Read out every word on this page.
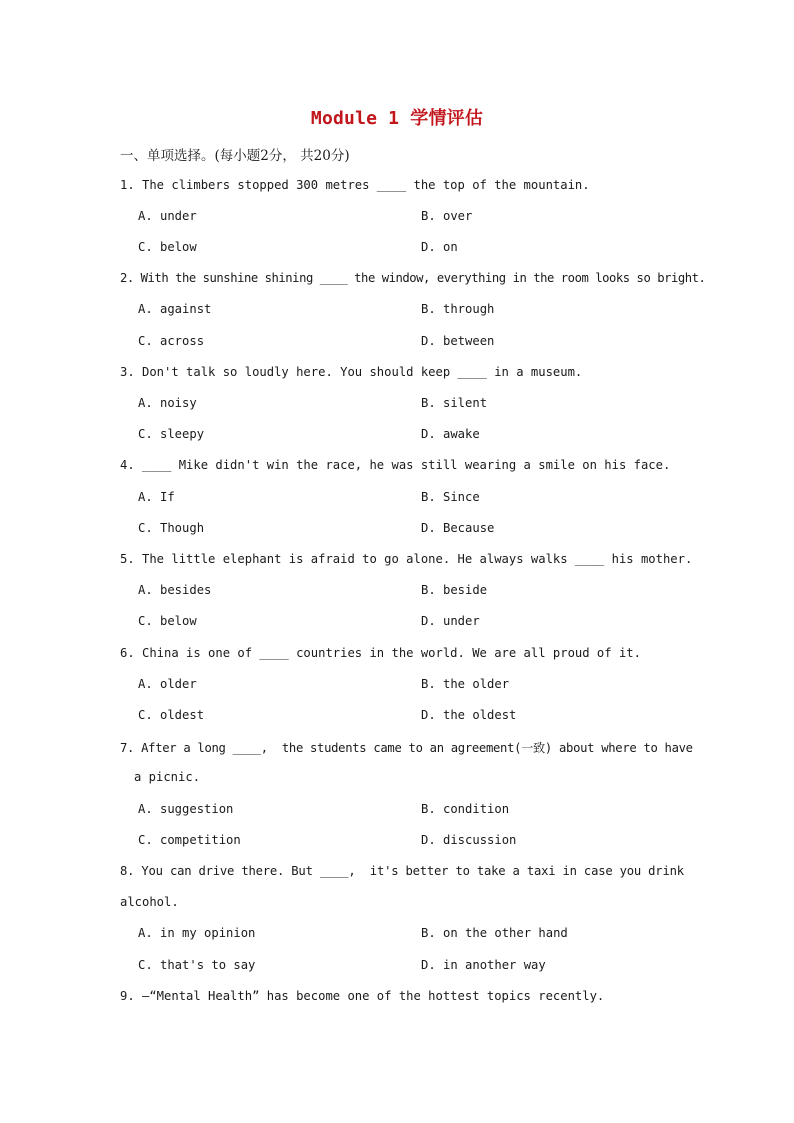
Module 1 学情评估
一、单项选择。(每小题2分， 共20分)
1. The climbers stopped 300 metres ____ the top of the mountain.
A. under	B. over
C. below	D. on
2. With the sunshine shining ____ the window, everything in the room looks so bright.
A. against	B. through
C. across	D. between
3. Don't talk so loudly here. You should keep ____ in a museum.
A. noisy	B. silent
C. sleepy	D. awake
4. ____ Mike didn't win the race, he was still wearing a smile on his face.
A. If	B. Since
C. Though	D. Because
5. The little elephant is afraid to go alone. He always walks ____ his mother.
A. besides	B. beside
C. below	D. under
6. China is one of ____ countries in the world. We are all proud of it.
A. older	B. the older
C. oldest	D. the oldest
7. After a long ____,  the students came to an agreement(一致) about where to have
a picnic.
A. suggestion	B. condition
C. competition	D. discussion
8. You can drive there. But ____,  it's better to take a taxi in case you drink
alcohol.
A. in my opinion	B. on the other hand
C. that's to say	D. in another way
9. —“Mental Health” has become one of the hottest topics recently.
